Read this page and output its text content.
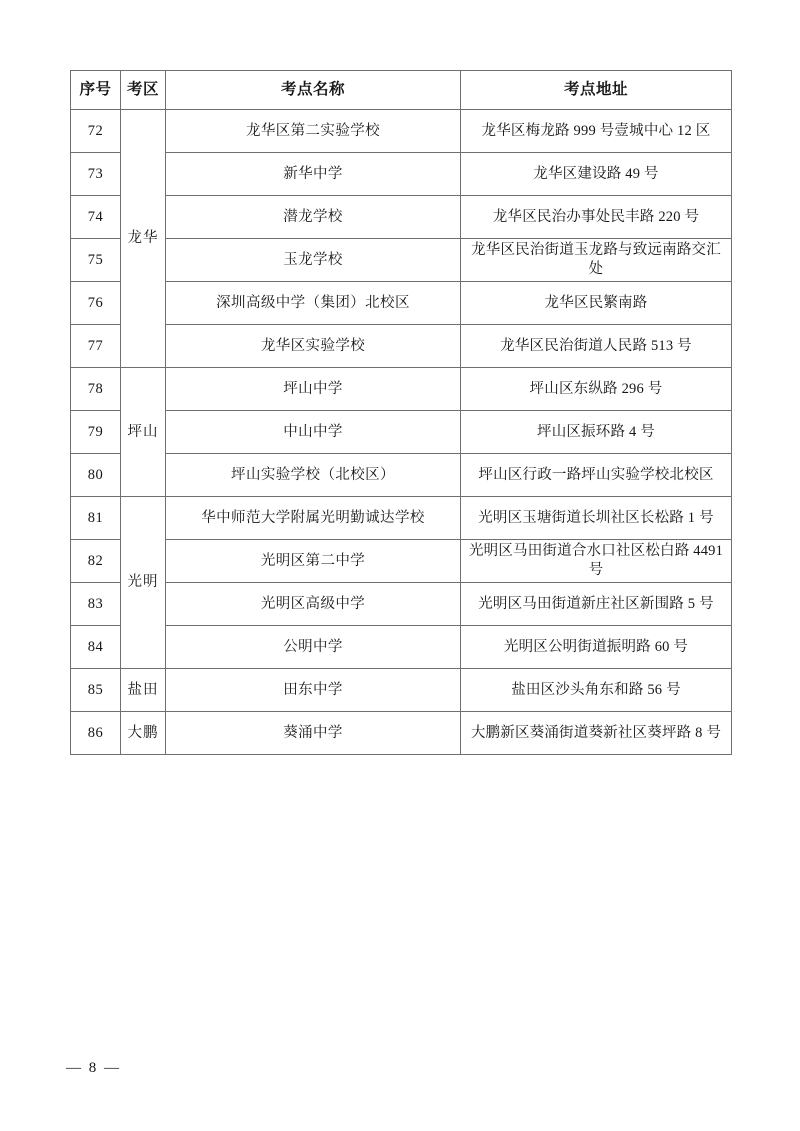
序号	考区	考点名称	考点地址
72	龙华	龙华区第二实验学校	龙华区梅龙路 999 号壹城中心 12 区
73		新华中学	龙华区建设路 49 号
74		潜龙学校	龙华区民治办事处民丰路 220 号
75		玉龙学校	龙华区民治街道玉龙路与致远南路交汇处
76		深圳高级中学（集团）北校区	龙华区民繁南路
77		龙华区实验学校	龙华区民治街道人民路 513 号
78	坪山	坪山中学	坪山区东纵路 296 号
79		中山中学	坪山区振环路 4 号
80		坪山实验学校（北校区）	坪山区行政一路坪山实验学校北校区
81	光明	华中师范大学附属光明勤诚达学校	光明区玉塘街道长圳社区长松路 1 号
82		光明区第二中学	光明区马田街道合水口社区松白路 4491 号
83		光明区高级中学	光明区马田街道新庄社区新围路 5 号
84		公明中学	光明区公明街道振明路 60 号
85	盐田	田东中学	盐田区沙头角东和路 56 号
86	大鹏	葵涌中学	大鹏新区葵涌街道葵新社区葵坪路 8 号
— 8 —
